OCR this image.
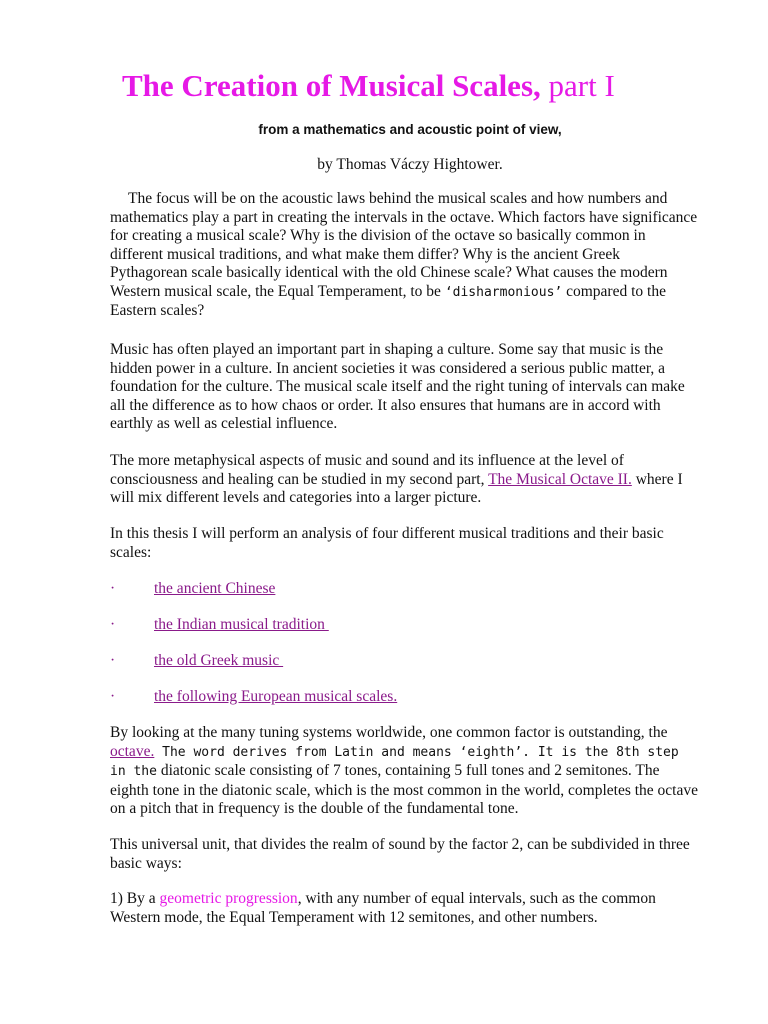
The Creation of Musical Scales, part I
from a mathematics and acoustic point of view,
by Thomas Váczy Hightower.

The focus will be on the acoustic laws behind the musical scales and how numbers and mathematics play a part in creating the intervals in the octave. Which factors have significance for creating a musical scale? Why is the division of the octave so basically common in different musical traditions, and what make them differ? Why is the ancient Greek Pythagorean scale basically identical with the old Chinese scale? What causes the modern Western musical scale, the Equal Temperament, to be ‘disharmonious’ compared to the Eastern scales?

Music has often played an important part in shaping a culture. Some say that music is the hidden power in a culture. In ancient societies it was considered a serious public matter, a foundation for the culture. The musical scale itself and the right tuning of intervals can make all the difference as to how chaos or order. It also ensures that humans are in accord with earthly as well as celestial influence.

The more metaphysical aspects of music and sound and its influence at the level of consciousness and healing can be studied in my second part, The Musical Octave II. where I will mix different levels and categories into a larger picture.

In this thesis I will perform an analysis of four different musical traditions and their basic scales:

·	the ancient Chinese
·	the Indian musical tradition
·	the old Greek music
·	the following European musical scales.

By looking at the many tuning systems worldwide, one common factor is outstanding, the octave. The word derives from Latin and means ‘eighth’. It is the 8th step in the diatonic scale consisting of 7 tones, containing 5 full tones and 2 semitones. The eighth tone in the diatonic scale, which is the most common in the world, completes the octave on a pitch that in frequency is the double of the fundamental tone.

This universal unit, that divides the realm of sound by the factor 2, can be subdivided in three basic ways:

1) By a geometric progression, with any number of equal intervals, such as the common Western mode, the Equal Temperament with 12 semitones, and other numbers.
